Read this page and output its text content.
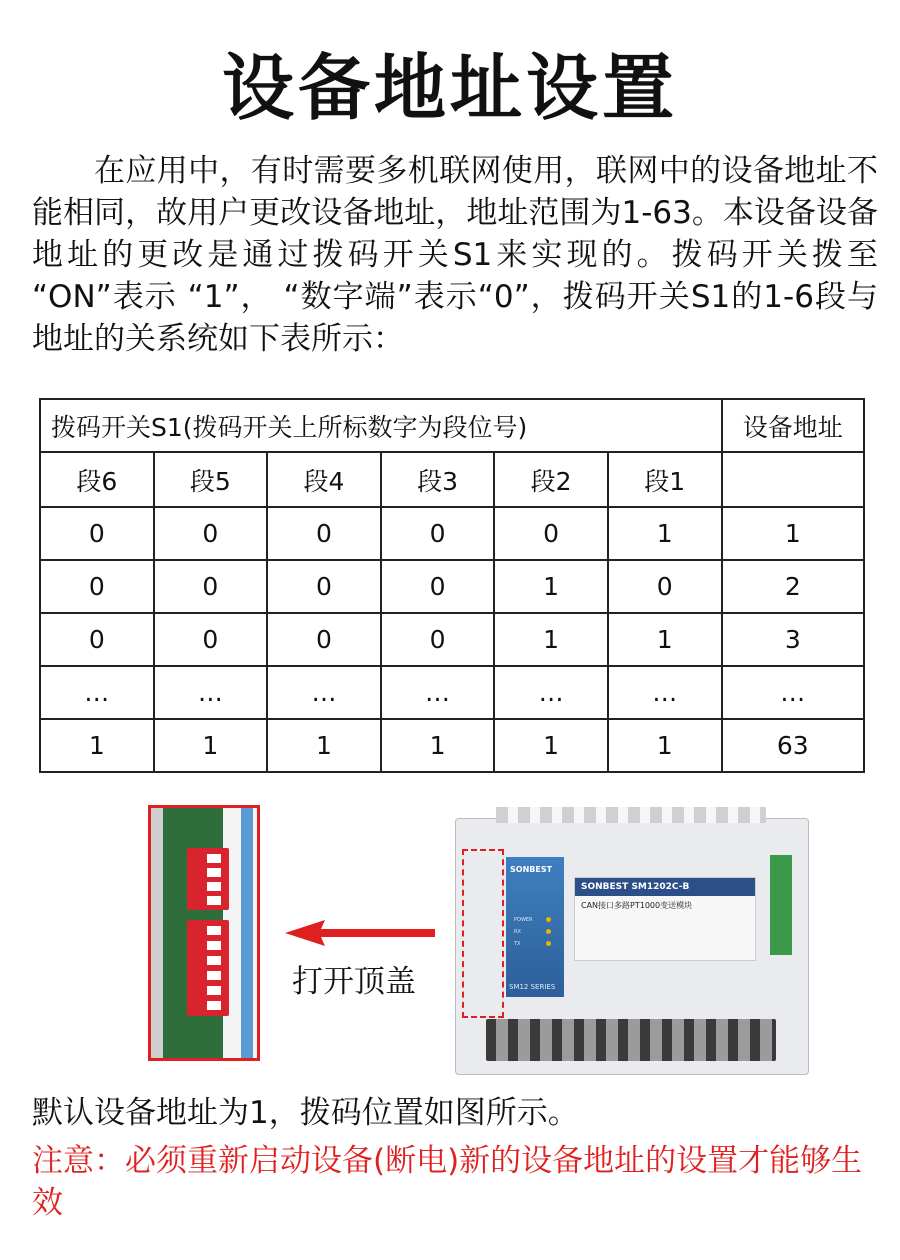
设备地址设置
在应用中，有时需要多机联网使用，联网中的设备地址不能相同，故用户更改设备地址，地址范围为1-63。本设备设备地址的更改是通过拨码开关S1来实现的。拨码开关拨至 “ON”表示 “1”， “数字端”表示“0”，拨码开关S1的1-6段与地址的关系统如下表所示：
拨码开关S1(拨码开关上所标数字为段位号)						设备地址
段6	段5	段4	段3	段2	段1	
0	0	0	0	0	1	1
0	0	0	0	1	0	2
0	0	0	0	1	1	3
…	…	…	…	…	…	…
1	1	1	1	1	1	63
打开顶盖
SONBEST
POWER
RX
TX
SM12 SERIES
SONBEST SM1202C-B
CAN接口多路PT1000变送模块
默认设备地址为1，拨码位置如图所示。
注意：必须重新启动设备(断电)新的设备地址的设置才能够生效
